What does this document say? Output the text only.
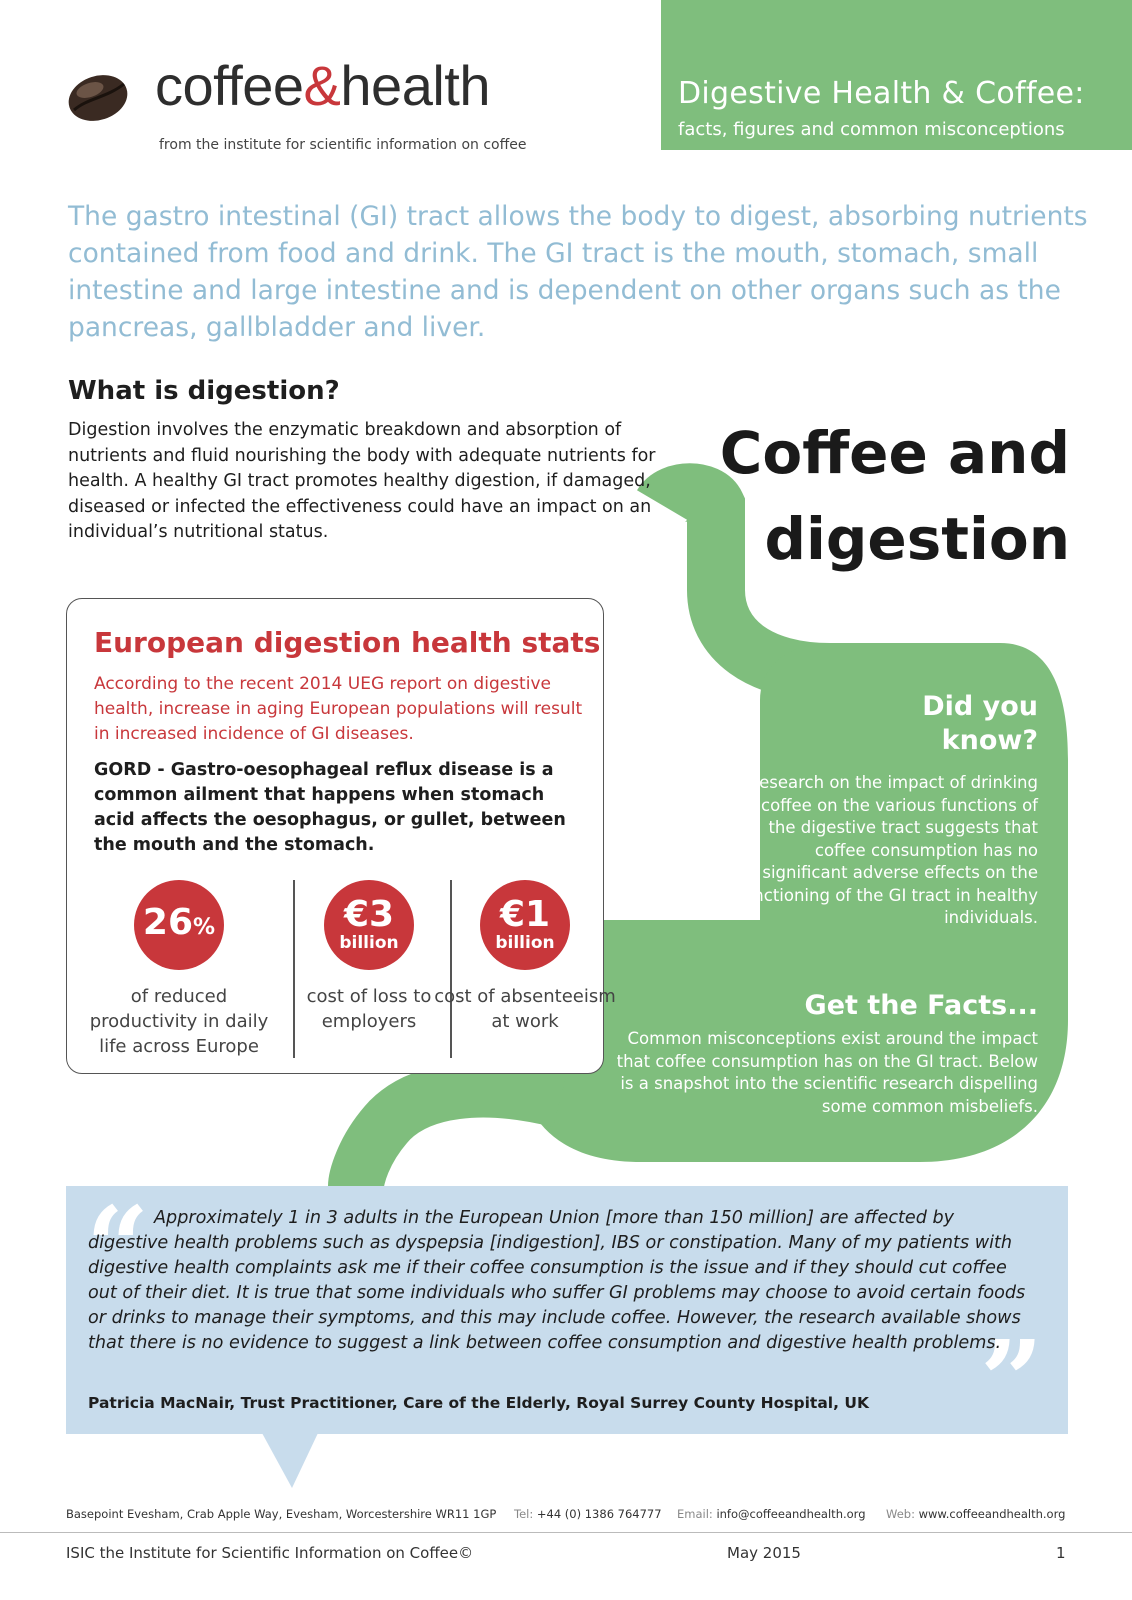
coffee&health
from the institute for scientific information on coffee
Digestive Health & Coffee:
facts, figures and common misconceptions
The gastro intestinal (GI) tract allows the body to digest, absorbing nutrients contained from food and drink. The GI tract is the mouth, stomach, small intestine and large intestine and is dependent on other organs such as the pancreas, gallbladder and liver.
What is digestion?
Digestion involves the enzymatic breakdown and absorption of nutrients and fluid nourishing the body with adequate nutrients for health. A healthy GI tract promotes healthy digestion, if damaged, diseased or infected the effectiveness could have an impact on an individual’s nutritional status.
Coffee and
digestion
Did you
know?
Research on the impact of drinking coffee on the various functions of the digestive tract suggests that coffee consumption has no significant adverse effects on the functioning of the GI tract in healthy individuals.
Get the Facts...
Common misconceptions exist around the impact that coffee consumption has on the GI tract. Below is a snapshot into the scientific research dispelling some common misbeliefs.
European digestion health stats
According to the recent 2014 UEG report on digestive health, increase in aging European populations will result in increased incidence of GI diseases.
GORD - Gastro-oesophageal reflux disease is a common ailment that happens when stomach acid affects the oesophagus, or gullet, between the mouth and the stomach.
26%
of reduced productivity in daily life across Europe
€3
billion
cost of loss to employers
€1
billion
cost of absenteeism at work
“
”
Approximately 1 in 3 adults in the European Union [more than 150 million] are affected by digestive health problems such as dyspepsia [indigestion], IBS or constipation. Many of my patients with digestive health complaints ask me if their coffee consumption is the issue and if they should cut coffee out of their diet. It is true that some individuals who suffer GI problems may choose to avoid certain foods or drinks to manage their symptoms, and this may include coffee. However, the research available shows that there is no evidence to suggest a link between coffee consumption and digestive health problems.
Patricia MacNair, Trust Practitioner, Care of the Elderly, Royal Surrey County Hospital, UK
Basepoint Evesham, Crab Apple Way, Evesham, Worcestershire WR11 1GP Tel: +44 (0) 1386 764777 Email: info@coffeeandhealth.org Web: www.coffeeandhealth.org
ISIC the Institute for Scientific Information on Coffee©	May 2015	1
